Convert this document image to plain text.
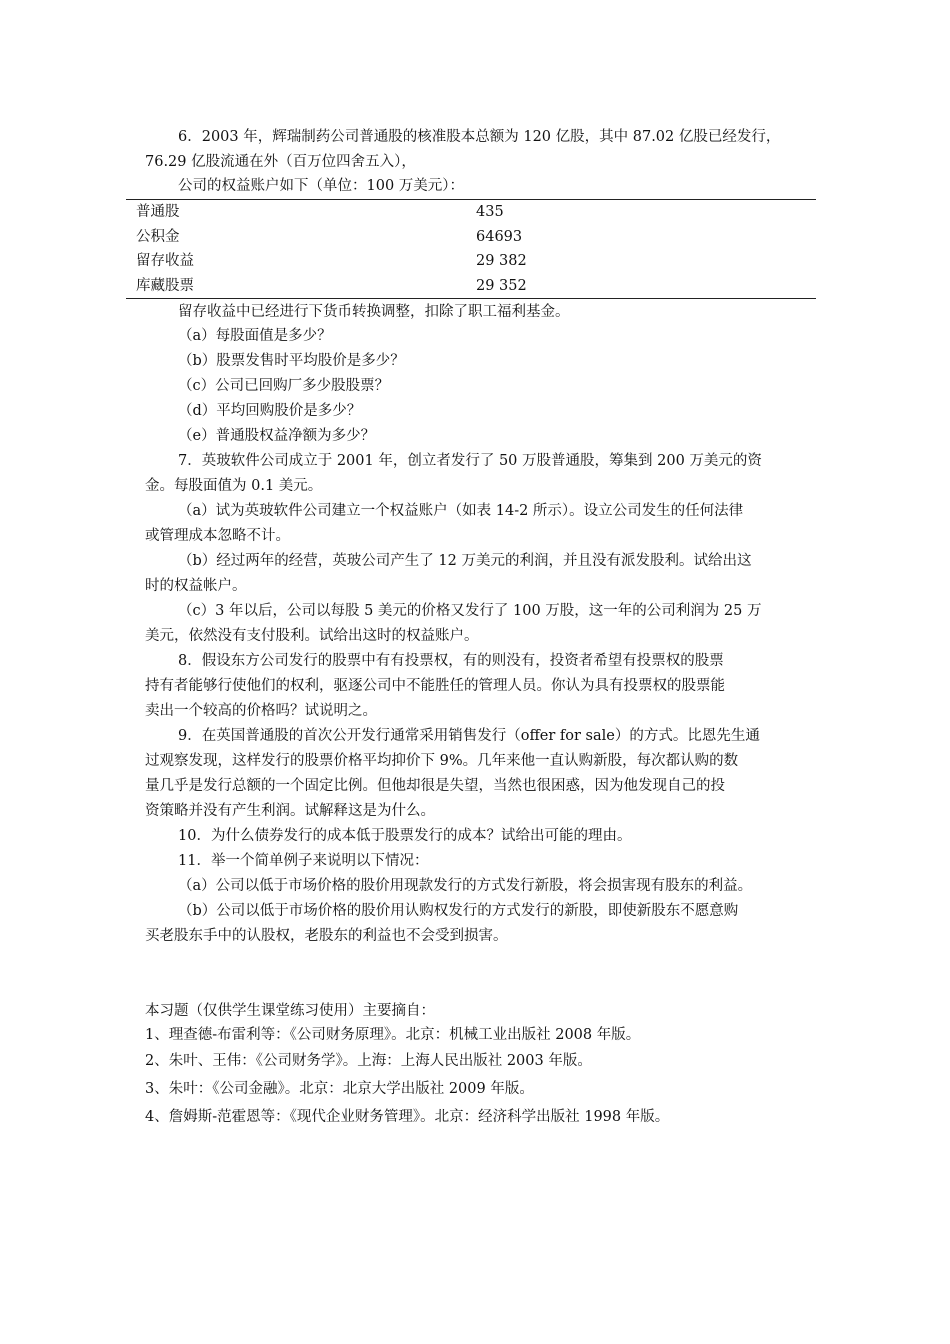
6．2003 年，辉瑞制药公司普通股的核准股本总额为 120 亿股，其中 87.02 亿股已经发行，
76.29 亿股流通在外（百万位四舍五入），
公司的权益账户如下（单位：100 万美元）：
普通股	435
公积金	64693
留存收益	29 382
库藏股票	29 352
留存收益中已经进行下货币转换调整，扣除了职工福利基金。
（a）每股面值是多少？
（b）股票发售时平均股价是多少？
（c）公司已回购厂多少股股票？
（d）平均回购股价是多少？
（e）普通股权益净额为多少？
7．英玻软件公司成立于 2001 年，创立者发行了 50 万股普通股，筹集到 200 万美元的资
金。每股面值为 0.1 美元。
（a）试为英玻软件公司建立一个权益账户（如表 14-2 所示）。设立公司发生的任何法律
或管理成本忽略不计。
（b）经过两年的经营，英玻公司产生了 12 万美元的利润，并且没有派发股利。试给出这
时的权益帐户。
（c）3 年以后，公司以每股 5 美元的价格又发行了 100 万股，这一年的公司利润为 25 万
美元，依然没有支付股利。试给出这时的权益账户。
8．假设东方公司发行的股票中有有投票权，有的则没有，投资者希望有投票权的股票
持有者能够行使他们的权利，驱逐公司中不能胜任的管理人员。你认为具有投票权的股票能
卖出一个较高的价格吗？试说明之。
9．在英国普通股的首次公开发行通常采用销售发行（offer for sale）的方式。比恩先生通
过观察发现，这样发行的股票价格平均抑价下 9%。几年来他一直认购新股，每次都认购的数
量几乎是发行总额的一个固定比例。但他却很是失望，当然也很困惑，因为他发现自己的投
资策略并没有产生利润。试解释这是为什么。
10．为什么债券发行的成本低于股票发行的成本？试给出可能的理由。
11．举一个简单例子来说明以下情况：
（a）公司以低于市场价格的股价用现款发行的方式发行新股，将会损害现有股东的利益。
（b）公司以低于市场价格的股价用认购权发行的方式发行的新股，即使新股东不愿意购
买老股东手中的认股权，老股东的利益也不会受到损害。
本习题（仅供学生课堂练习使用）主要摘自：
1、理查德-布雷利等：《公司财务原理》。北京：机械工业出版社 2008 年版。
2、朱叶、王伟：《公司财务学》。上海：上海人民出版社 2003 年版。
3、朱叶：《公司金融》。北京：北京大学出版社 2009 年版。
4、詹姆斯-范霍恩等：《现代企业财务管理》。北京：经济科学出版社 1998 年版。
